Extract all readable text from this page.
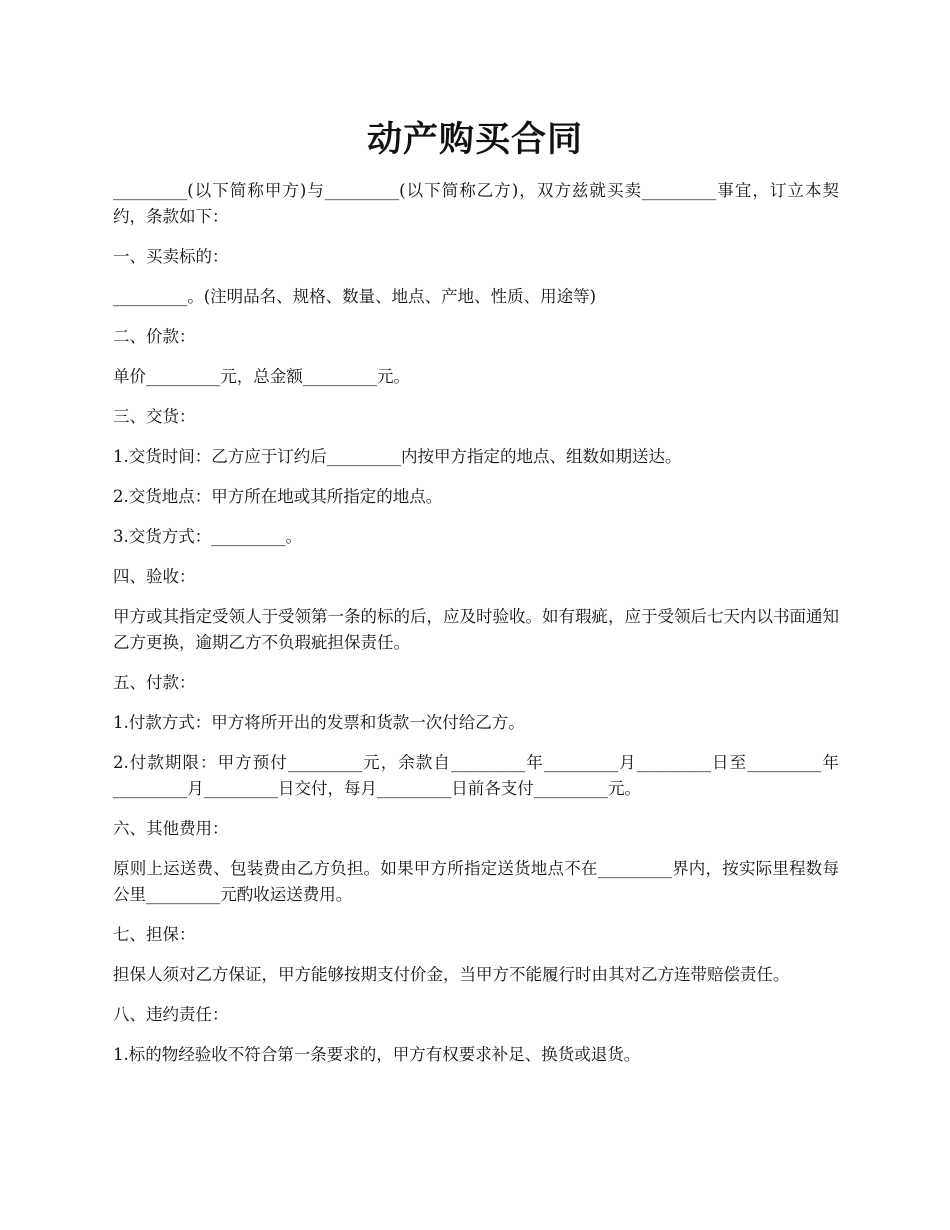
动产购买合同

_________(以下简称甲方)与_________(以下简称乙方)，双方兹就买卖_________事宜，订立本契约，条款如下：

一、买卖标的：

_________。(注明品名、规格、数量、地点、产地、性质、用途等)

二、价款：

单价_________元，总金额_________元。

三、交货：

1.交货时间：乙方应于订约后_________内按甲方指定的地点、组数如期送达。

2.交货地点：甲方所在地或其所指定的地点。

3.交货方式：_________。

四、验收：

甲方或其指定受领人于受领第一条的标的后，应及时验收。如有瑕疵，应于受领后七天内以书面通知乙方更换，逾期乙方不负瑕疵担保责任。

五、付款：

1.付款方式：甲方将所开出的发票和货款一次付给乙方。

2.付款期限：甲方预付_________元，余款自_________年_________月_________日至_________年_________月_________日交付，每月_________日前各支付_________元。

六、其他费用：

原则上运送费、包装费由乙方负担。如果甲方所指定送货地点不在_________界内，按实际里程数每公里_________元酌收运送费用。

七、担保：

担保人须对乙方保证，甲方能够按期支付价金，当甲方不能履行时由其对乙方连带赔偿责任。

八、违约责任：

1.标的物经验收不符合第一条要求的，甲方有权要求补足、换货或退货。
